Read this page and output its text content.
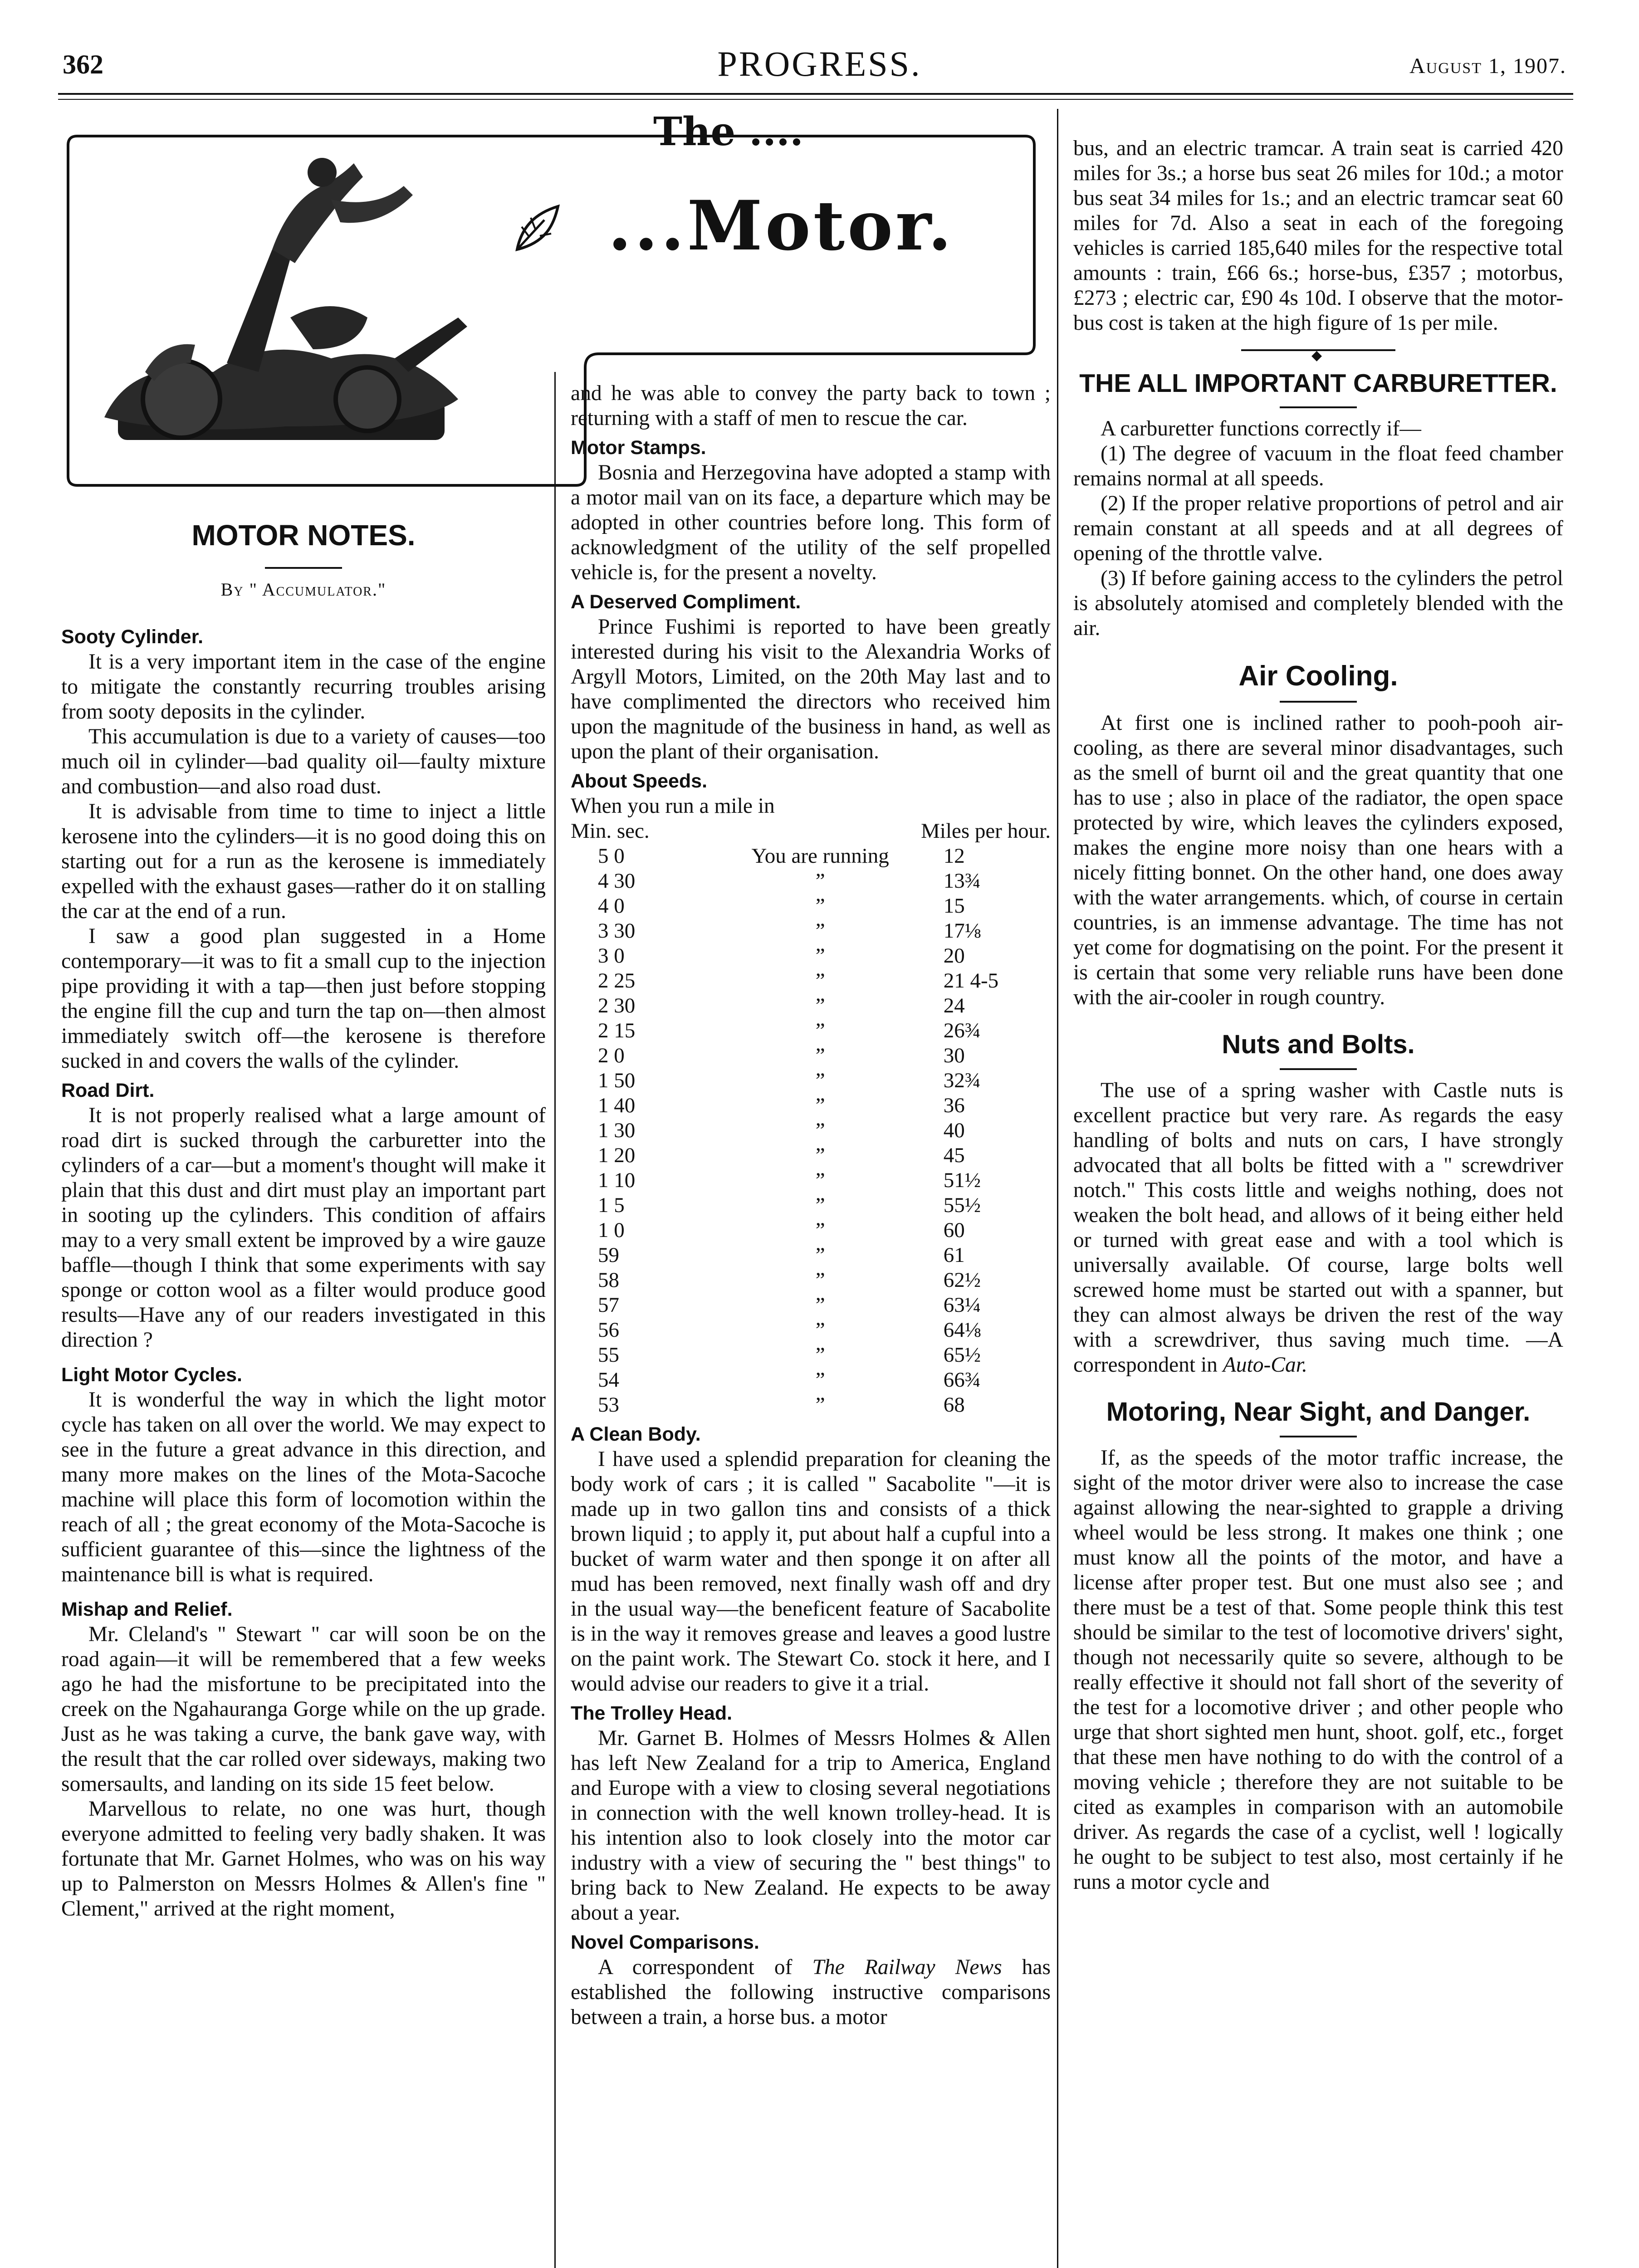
362	PROGRESS.	August 1, 1907.
The ....
...Motor.
MOTOR NOTES.
By " Accumulator."
Sooty Cylinder.

It is a very important item in the case of the engine to mitigate the constantly recurring troubles arising from sooty deposits in the cylinder.

This accumulation is due to a variety of causes—too much oil in cylinder—bad quality oil—faulty mixture and combustion—and also road dust.

It is advisable from time to time to inject a little kerosene into the cylinders—it is no good doing this on starting out for a run as the kerosene is immediately expelled with the exhaust gases—rather do it on stalling the car at the end of a run.

I saw a good plan suggested in a Home contemporary—it was to fit a small cup to the injection pipe providing it with a tap—then just before stopping the engine fill the cup and turn the tap on—then almost immediately switch off—the kerosene is therefore sucked in and covers the walls of the cylinder.

Road Dirt.

It is not properly realised what a large amount of road dirt is sucked through the carburetter into the cylinders of a car—but a moment's thought will make it plain that this dust and dirt must play an important part in sooting up the cylinders. This condition of affairs may to a very small extent be improved by a wire gauze baffle—though I think that some experiments with say sponge or cotton wool as a filter would produce good results—Have any of our readers investigated in this direction ?

Light Motor Cycles.

It is wonderful the way in which the light motor cycle has taken on all over the world. We may expect to see in the future a great advance in this direction, and many more makes on the lines of the Mota-Sacoche machine will place this form of locomotion within the reach of all ; the great economy of the Mota-Sacoche is sufficient guarantee of this—since the lightness of the maintenance bill is what is required.

Mishap and Relief.

Mr. Cleland's " Stewart " car will soon be on the road again—it will be remembered that a few weeks ago he had the misfortune to be precipitated into the creek on the Ngahauranga Gorge while on the up grade. Just as he was taking a curve, the bank gave way, with the result that the car rolled over sideways, making two somersaults, and landing on its side 15 feet below.

Marvellous to relate, no one was hurt, though everyone admitted to feeling very badly shaken. It was fortunate that Mr. Garnet Holmes, who was on his way up to Palmerston on Messrs Holmes & Allen's fine " Clement," arrived at the right moment,

and he was able to convey the party back to town ; returning with a staff of men to rescue the car.

Motor Stamps.

Bosnia and Herzegovina have adopted a stamp with a motor mail van on its face, a departure which may be adopted in other countries before long. This form of acknowledgment of the utility of the self propelled vehicle is, for the present a novelty.

A Deserved Compliment.

Prince Fushimi is reported to have been greatly interested during his visit to the Alexandria Works of Argyll Motors, Limited, on the 20th May last and to have complimented the directors who received him upon the magnitude of the business in hand, as well as upon the plant of their organisation.

About Speeds.

When you run a mile in

Min. sec.		Miles per hour.
5 0	You are running	12
4 30	”	13¾
4 0	”	15
3 30	”	17⅛
3 0	”	20
2 25	”	21 4-5
2 30	”	24
2 15	”	26¾
2 0	”	30
1 50	”	32¾
1 40	”	36
1 30	”	40
1 20	”	45
1 10	”	51½
1 5	”	55½
1 0	”	60
59	”	61
58	”	62½
57	”	63¼
56	”	64⅛
55	”	65½
54	”	66¾
53	”	68
A Clean Body.

I have used a splendid preparation for cleaning the body work of cars ; it is called " Sacabolite "—it is made up in two gallon tins and consists of a thick brown liquid ; to apply it, put about half a cupful into a bucket of warm water and then sponge it on after all mud has been removed, next finally wash off and dry in the usual way—the beneficent feature of Sacabolite is in the way it removes grease and leaves a good lustre on the paint work. The Stewart Co. stock it here, and I would advise our readers to give it a trial.

The Trolley Head.

Mr. Garnet B. Holmes of Messrs Holmes & Allen has left New Zealand for a trip to America, England and Europe with a view to closing several negotiations in connection with the well known trolley-head. It is his intention also to look closely into the motor car industry with a view of securing the " best things" to bring back to New Zealand. He expects to be away about a year.

Novel Comparisons.

A correspondent of The Railway News has established the following instructive comparisons between a train, a horse bus. a motor

bus, and an electric tramcar. A train seat is carried 420 miles for 3s.; a horse bus seat 26 miles for 10d.; a motor bus seat 34 miles for 1s.; and an electric tramcar seat 60 miles for 7d. Also a seat in each of the foregoing vehicles is carried 185,640 miles for the respective total amounts : train, £66 6s.; horse-bus, £357 ; motorbus, £273 ; electric car, £90 4s 10d. I observe that the motor-bus cost is taken at the high figure of 1s per mile.

◆
THE ALL IMPORTANT CARBURETTER.

A carburetter functions correctly if—

(1) The degree of vacuum in the float feed chamber remains normal at all speeds.

(2) If the proper relative proportions of petrol and air remain constant at all speeds and at all degrees of opening of the throttle valve.

(3) If before gaining access to the cylinders the petrol is absolutely atomised and completely blended with the air.

Air Cooling.

At first one is inclined rather to pooh-pooh air-cooling, as there are several minor disadvantages, such as the smell of burnt oil and the great quantity that one has to use ; also in place of the radiator, the open space protected by wire, which leaves the cylinders exposed, makes the engine more noisy than one hears with a nicely fitting bonnet. On the other hand, one does away with the water arrangements. which, of course in certain countries, is an immense advantage. The time has not yet come for dogmatising on the point. For the present it is certain that some very reliable runs have been done with the air-cooler in rough country.

Nuts and Bolts.

The use of a spring washer with Castle nuts is excellent practice but very rare. As regards the easy handling of bolts and nuts on cars, I have strongly advocated that all bolts be fitted with a " screwdriver notch." This costs little and weighs nothing, does not weaken the bolt head, and allows of it being either held or turned with great ease and with a tool which is universally available. Of course, large bolts well screwed home must be started out with a spanner, but they can almost always be driven the rest of the way with a screwdriver, thus saving much time. —A correspondent in Auto-Car.

Motoring, Near Sight, and Danger.

If, as the speeds of the motor traffic increase, the sight of the motor driver were also to increase the case against allowing the near-sighted to grapple a driving wheel would be less strong. It makes one think ; one must know all the points of the motor, and have a license after proper test. But one must also see ; and there must be a test of that. Some people think this test should be similar to the test of locomotive drivers' sight, though not necessarily quite so severe, although to be really effective it should not fall short of the severity of the test for a locomotive driver ; and other people who urge that short sighted men hunt, shoot. golf, etc., forget that these men have nothing to do with the control of a moving vehicle ; therefore they are not suitable to be cited as examples in comparison with an automobile driver. As regards the case of a cyclist, well ! logically he ought to be subject to test also, most certainly if he runs a motor cycle and
